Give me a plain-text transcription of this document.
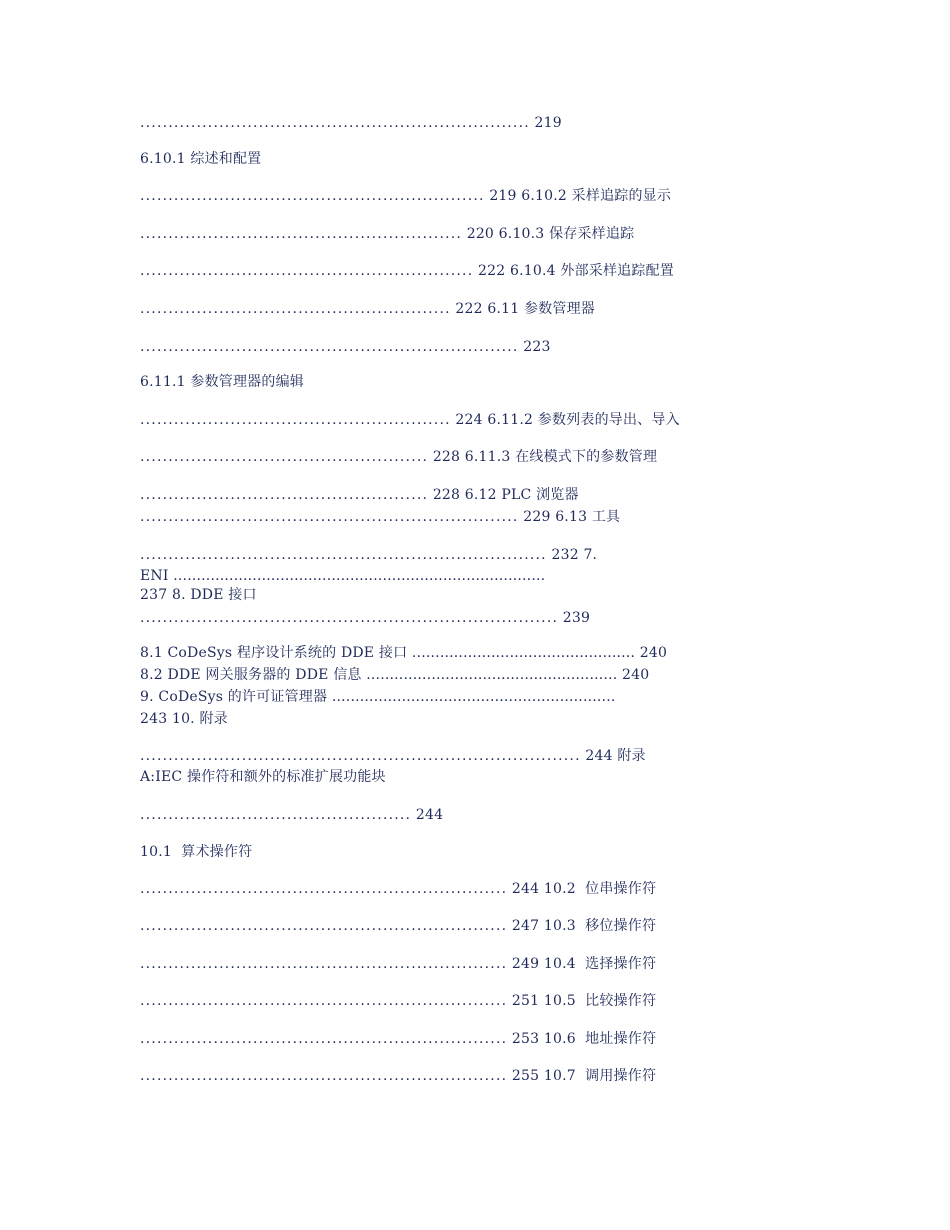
..................................................................... 219
6.10.1 综述和配置
............................................................. 219 6.10.2 采样追踪的显示
......................................................... 220 6.10.3 保存采样追踪
........................................................... 222 6.10.4 外部采样追踪配置
....................................................... 222 6.11 参数管理器
................................................................... 223
6.11.1 参数管理器的编辑
....................................................... 224 6.11.2 参数列表的导出、导入
................................................... 228 6.11.3 在线模式下的参数管理
................................................... 228 6.12 PLC 浏览器
................................................................... 229 6.13 工具
........................................................................ 232 7.
ENI ................................................................................
237 8. DDE 接口
.......................................................................... 239
8.1 CoDeSys 程序设计系统的 DDE 接口 ................................................ 240
8.2 DDE 网关服务器的 DDE 信息 ...................................................... 240
9. CoDeSys 的许可证管理器 .............................................................
243 10. 附录
.............................................................................. 244 附录
A:IEC 操作符和额外的标准扩展功能块
................................................ 244
10.1  算术操作符
................................................................. 244 10.2  位串操作符
................................................................. 247 10.3  移位操作符
................................................................. 249 10.4  选择操作符
................................................................. 251 10.5  比较操作符
................................................................. 253 10.6  地址操作符
................................................................. 255 10.7  调用操作符
